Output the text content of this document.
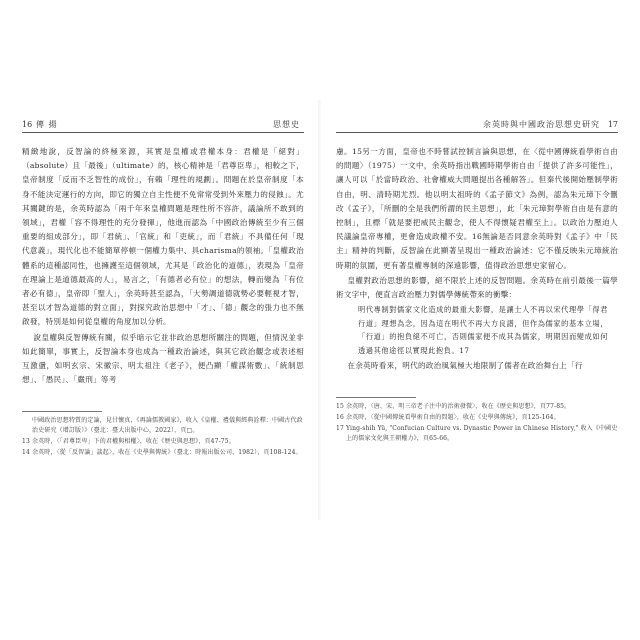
16 傳 揚	思想史

精緻地說，反智論的終極來源，其實是皇權或君權本身：君權是「絕對」（absolute）且「最後」（ultimate）的，核心精神是「君尊臣卑」，相較之下，皇帝制度「反而不乏智性的成份」，有賴「理性的規劃」。問題在於皇帝制度「本身不能決定運行的方向，即它的獨立自主性便不免常常受到外來壓力的侵蝕」。尤其關鍵的是，余英時認為「兩千年來皇權問題是理性所不容許，議論所不敢到的領域」，君權「容不得理性的充分發揮」，他進而認為「中國政治傳統至少有三個重要的組成部分」，即「君統」、「官統」和「吏統」，而「君統」不具備任何「現代意義」，現代化也不能簡單停頓一個權力集中、具charisma的領袖。「皇權政治體系的這種認同性，也擁護至這個領域，尤其是「政治化的道德」，表現為「皇帝在理論上是道德最高的人」，易言之，「有德者必有位」的想法，轉而變為「有位者必有德」，皇帝即「聖人」，余英時甚至認為，「大勢調道德就勢必要輕視才智，甚至以才智為道德的對立面」，對探究政治思想中「才」、「德」觀念的張力也不無啟發，特別是如何從皇權的角度加以分析。

說皇權與反智傳統有關，似乎暗示它並非政治思想所關注的問題，但情況並非如此簡單，事實上，反智論本身也成為一種政治論述，與其它政治觀念或表述相互激盪，如明玄宗、宋徽宗、明太祖注《老子》，便凸顯「權謀術數」、「統制思想」、「愚民」、「嚴刑」等考

中國政治思想特質的定論，見甘懷真，《再論儒教國家》，收入《皇權、禮儀與經典詮釋：中國古代政治史研究（增訂版）》（臺北：臺大出版中心，2022），頁□。
13 余英時，〈「君尊臣卑」下的君權與相權〉，收在《歷史與思想》，頁47-75。
14 余英時，〈從「反智論」談起〉，收在《史學與傳統》（臺北：時報出版公司，1982），頁108-124。
余英時與中國政治思想史研究 17

慮。15另一方面，皇帝也不時嘗試控制言論與思想，在〈從中國傳統看學術自由的問題〉（1975）一文中，余英時指出戰國時期學術自由「提供了許多可能性」，讓人可以「於當時政治、社會權威大問題提出各種解答」。但秦代後開始壓制學術自由，明、清時期尤烈。他以明太祖時的《孟子節文》為例，認為朱元璋下令刪改《孟子》，「所刪的全是我們所謂的民主思想」，此「朱元璋對學術自由是有意的控制」，且標「就是要把威民主觀念，使人不得懷疑君權至上」。以政治力壓迫人民議論皇帝專權，更會造成政權不安。16無論是否同意余英時對《孟子》中「民主」精神的判斷，反智論在此顯著呈現出一種政治論述：它不僅反映朱元璋統治時期的氛圍，更有著皇權專制的深遠影響，值得政治思想史家留心。

皇權對政治思想的影響，絕不限於上述的反智問題。余英時在前引最後一篇學術文字中，便直言政治壓力對儒學傳統帶來的衝擊：

明代專制對儒家文化造成的最重大影響，是讓士人不再以宋代理學「得君行道」理想為念，因為這在明代不再大方良譜，但作為儒家的基本立場，「行道」的抱負絕不可亡，否則儒家便不成其為儒家，明期因而變成如何透過其他途徑以實現此抱負。17

在余英時看來，明代的政治風氣極大地限制了儒者在政治舞台上「行

15 余英時，〈唐、宋、明三帝老子注中的治術發微〉，收在《歷史與思想》，頁77-85。
16 余英時，〈從中國傳統看學術自由的問題〉，收在《史學與傳統》，頁125-164。
17 Ying-shih Yü, "Confucian Culture vs. Dynastic Power in Chinese History," 收入《中國史上的儒家文化與王朝權力》，頁65-66。
